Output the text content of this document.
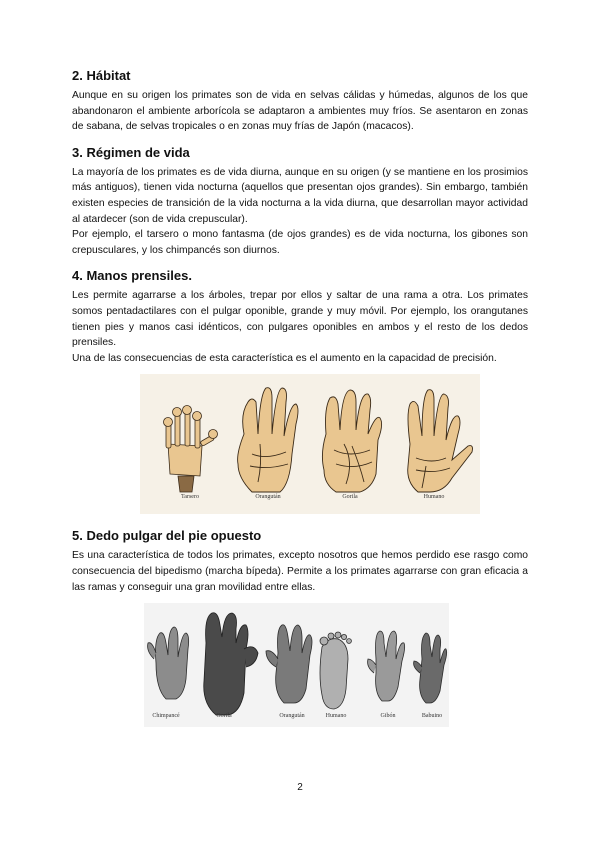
2. Hábitat

Aunque en su origen los primates son de vida en selvas cálidas y húmedas, algunos de los que abandonaron el ambiente arborícola se adaptaron a ambientes muy fríos. Se asentaron en zonas de sabana, de selvas tropicales o en zonas muy frías de Japón (macacos).

3. Régimen de vida

La mayoría de los primates es de vida diurna, aunque en su origen (y se mantiene en los prosimios más antiguos), tienen vida nocturna (aquellos que presentan ojos grandes). Sin embargo, también existen especies de transición de la vida nocturna a la vida diurna, que desarrollan mayor actividad al atardecer (son de vida crepuscular).

Por ejemplo, el tarsero o mono fantasma (de ojos grandes) es de vida nocturna, los gibones son crepusculares, y los chimpancés son diurnos.

4. Manos prensiles.

Les permite agarrarse a los árboles, trepar por ellos y saltar de una rama a otra. Los primates somos pentadactilares con el pulgar oponible, grande y muy móvil. Por ejemplo, los orangutanes tienen pies y manos casi idénticos, con pulgares oponibles en ambos y el resto de los dedos prensiles.

Una de las consecuencias de esta característica es el aumento en la capacidad de precisión.

Tarsero	Orangután	Gorila	Humano
5. Dedo pulgar del pie opuesto

Es una característica de todos los primates, excepto nosotros que hemos perdido ese rasgo como consecuencia del bipedismo (marcha bípeda). Permite a los primates agarrarse con gran eficacia a las ramas y conseguir una gran movilidad entre ellas.

Chimpancé	Gorila	Orangután	Humano	Gibón	Babuino
2
